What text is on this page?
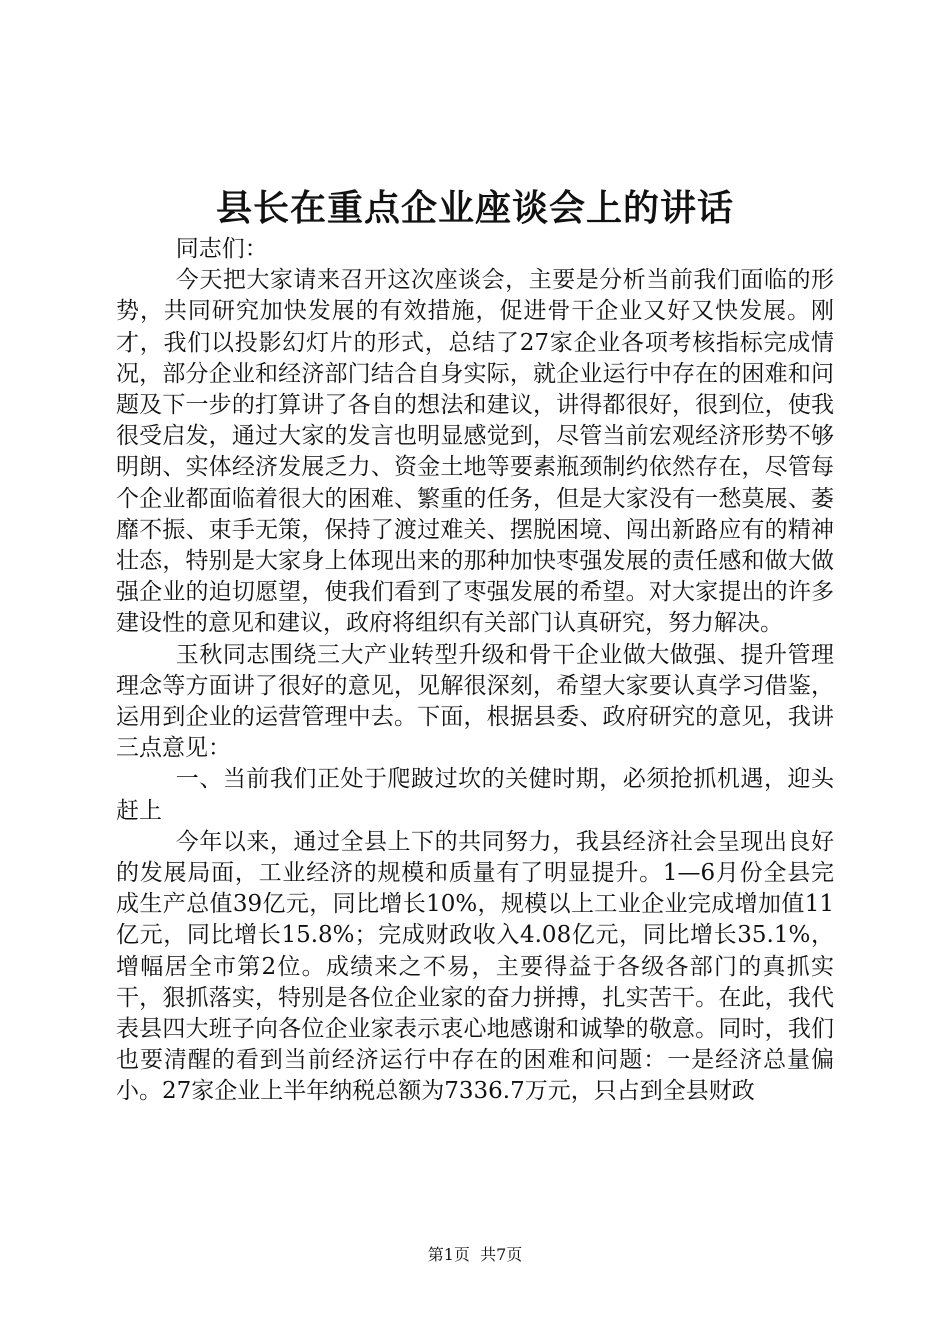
县长在重点企业座谈会上的讲话

同志们：

今天把大家请来召开这次座谈会，主要是分析当前我们面临的形势，共同研究加快发展的有效措施，促进骨干企业又好又快发展。刚才，我们以投影幻灯片的形式，总结了27家企业各项考核指标完成情况，部分企业和经济部门结合自身实际，就企业运行中存在的困难和问题及下一步的打算讲了各自的想法和建议，讲得都很好，很到位，使我很受启发，通过大家的发言也明显感觉到，尽管当前宏观经济形势不够明朗、实体经济发展乏力、资金土地等要素瓶颈制约依然存在，尽管每个企业都面临着很大的困难、繁重的任务，但是大家没有一愁莫展、萎靡不振、束手无策，保持了渡过难关、摆脱困境、闯出新路应有的精神壮态，特别是大家身上体现出来的那种加快枣强发展的责任感和做大做强企业的迫切愿望，使我们看到了枣强发展的希望。对大家提出的许多建设性的意见和建议，政府将组织有关部门认真研究，努力解决。

玉秋同志围绕三大产业转型升级和骨干企业做大做强、提升管理理念等方面讲了很好的意见，见解很深刻，希望大家要认真学习借鉴，运用到企业的运营管理中去。下面，根据县委、政府研究的意见，我讲三点意见：

一、当前我们正处于爬跛过坎的关健时期，必须抢抓机遇，迎头赶上

今年以来，通过全县上下的共同努力，我县经济社会呈现出良好的发展局面，工业经济的规模和质量有了明显提升。1—6月份全县完成生产总值39亿元，同比增长10%，规模以上工业企业完成增加值11亿元，同比增长15.8%；完成财政收入4.08亿元，同比增长35.1%，增幅居全市第2位。成绩来之不易，主要得益于各级各部门的真抓实干，狠抓落实，特别是各位企业家的奋力拼搏，扎实苦干。在此，我代表县四大班子向各位企业家表示衷心地感谢和诚挚的敬意。同时，我们也要清醒的看到当前经济运行中存在的困难和问题：一是经济总量偏小。27家企业上半年纳税总额为7336.7万元，只占到全县财政

第1页  共7页
